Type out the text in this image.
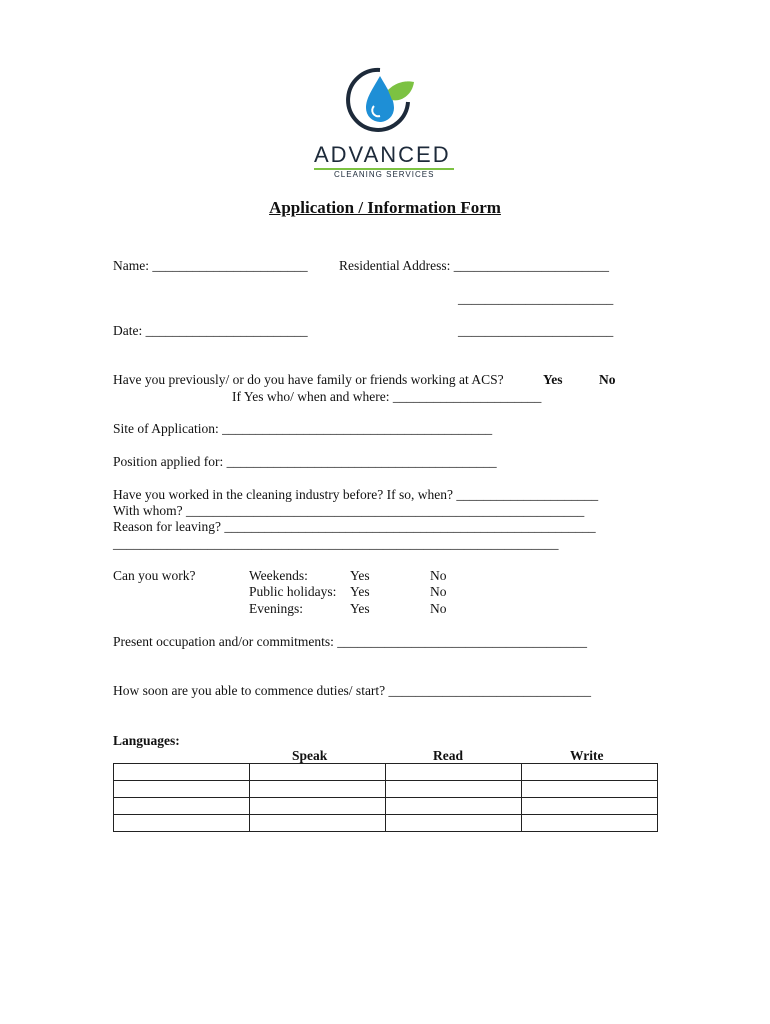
ADVANCED
CLEANING SERVICES
Application / Information Form
Name: _______________________ Residential Address: _______________________
_______________________
Date: ________________________	_______________________
Have you previously/ or do you have family or friends working at ACS?	Yes	No
If Yes who/ when and where: ______________________
Site of Application: ________________________________________
Position applied for: ________________________________________
Have you worked in the cleaning industry before? If so, when? _____________________
With whom? ___________________________________________________________
Reason for leaving? _______________________________________________________
__________________________________________________________________
Can you work?	Weekends:	Yes	No
Public holidays: Yes	No
Evenings:	Yes	No
Present occupation and/or commitments: _____________________________________
How soon are you able to commence duties/ start? ______________________________
Languages:
Speak	Read	Write
